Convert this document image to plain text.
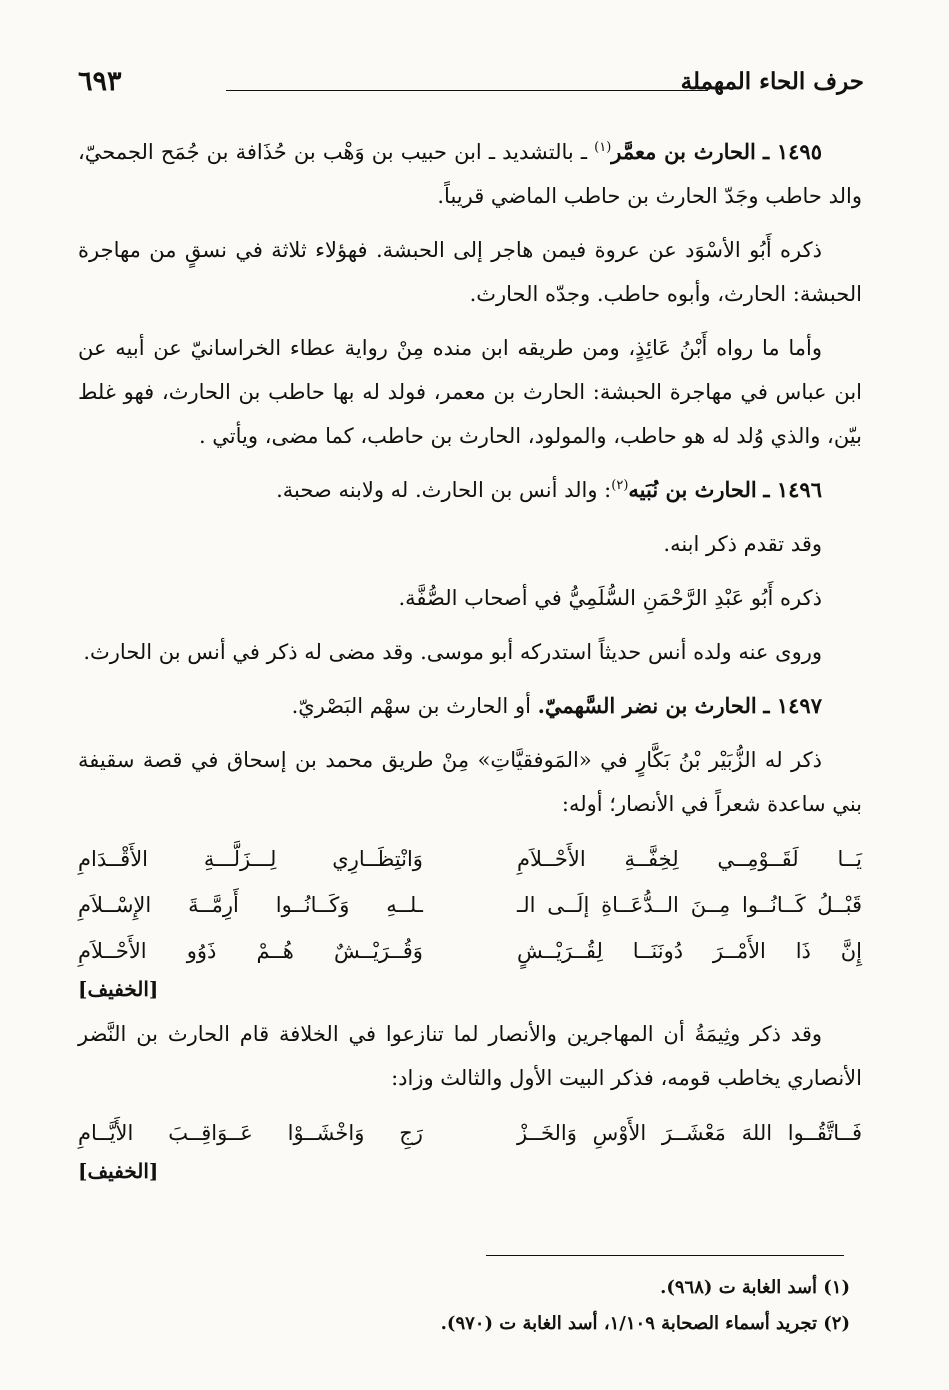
٦٩٣	حرف الحاء المهملة

١٤٩٥ ـ الحارث بن معمَّر$^{(١)}$ ـ بالتشديد ـ ابن حبيب بن وَهْب بن حُذَافة بن جُمَح الجمحيّ، والد حاطب وجَدّ الحارث بن حاطب الماضي قريباً.

ذكره أَبُو الأسْوَد عن عروة فيمن هاجر إلى الحبشة. فهؤلاء ثلاثة في نسقٍ من مهاجرة الحبشة: الحارث، وأبوه حاطب. وجدّه الحارث.

وأما ما رواه أَبْنُ عَائِذٍ، ومن طريقه ابن منده مِنْ رواية عطاء الخراسانيّ عن أبيه عن ابن عباس في مهاجرة الحبشة: الحارث بن معمر، فولد له بها حاطب بن الحارث، فهو غلط بيّن، والذي وُلد له هو حاطب، والمولود، الحارث بن حاطب، كما مضى، ويأتي .

١٤٩٦ ـ الحارث بن نُبَيه$^{(٢)}$: والد أنس بن الحارث. له ولابنه صحبة.

وقد تقدم ذكر ابنه.

ذكره أَبُو عَبْدِ الرَّحْمَنِ السُّلَمِيُّ في أصحاب الصُّفَّة.

وروى عنه ولده أنس حديثاً استدركه أبو موسى. وقد مضى له ذكر في أنس بن الحارث.

١٤٩٧ ـ الحارث بن نضر السَّهميّ. أو الحارث بن سهْم البَصْريّ.

ذكر له الزُّبَيْر بْنُ بَكَّارٍ في «المَوفقيَّاتِ» مِنْ طريق محمد بن إسحاق في قصة سقيفة بني ساعدة شعراً في الأنصار؛ أوله:

يَــا لَقَــوْمِــي لِخِفَّــةِ الأَحْــلاَمِ
وَانْتِظَــارِي لِـــزَلَّـــةِ الأَقْــدَامِ
قَبْــلُ كَــانُــوا مِــنَ الــدُّعَــاةِ إلَــى الـ
ـلــهِ وَكَــانُــوا أَرِمَّــةَ الإِسْــلاَمِ
إِنَّ ذَا الأَمْــرَ دُونَنَــا لِقُــرَيْــشٍ
وَقُــرَيْــشٌ هُــمْ ذَوُو الأَحْــلاَمِ
[الخفيف]

وقد ذكر وثِيمَةُ أن المهاجرين والأنصار لما تنازعوا في الخلافة قام الحارث بن النَّضر الأنصاري يخاطب قومه، فذكر البيت الأول والثالث وزاد:

فَــاتَّقُــوا اللهَ مَعْشَــرَ الأَوْسِ وَالخَــزْ
رَجِ وَاخْشَــوْا عَــوَاقِــبَ الأَيَّــامِ
[الخفيف]
(١) أسد الغابة ت (٩٦٨).
(٢) تجريد أسماء الصحابة ١/١٠٩، أسد الغابة ت (٩٧٠).
